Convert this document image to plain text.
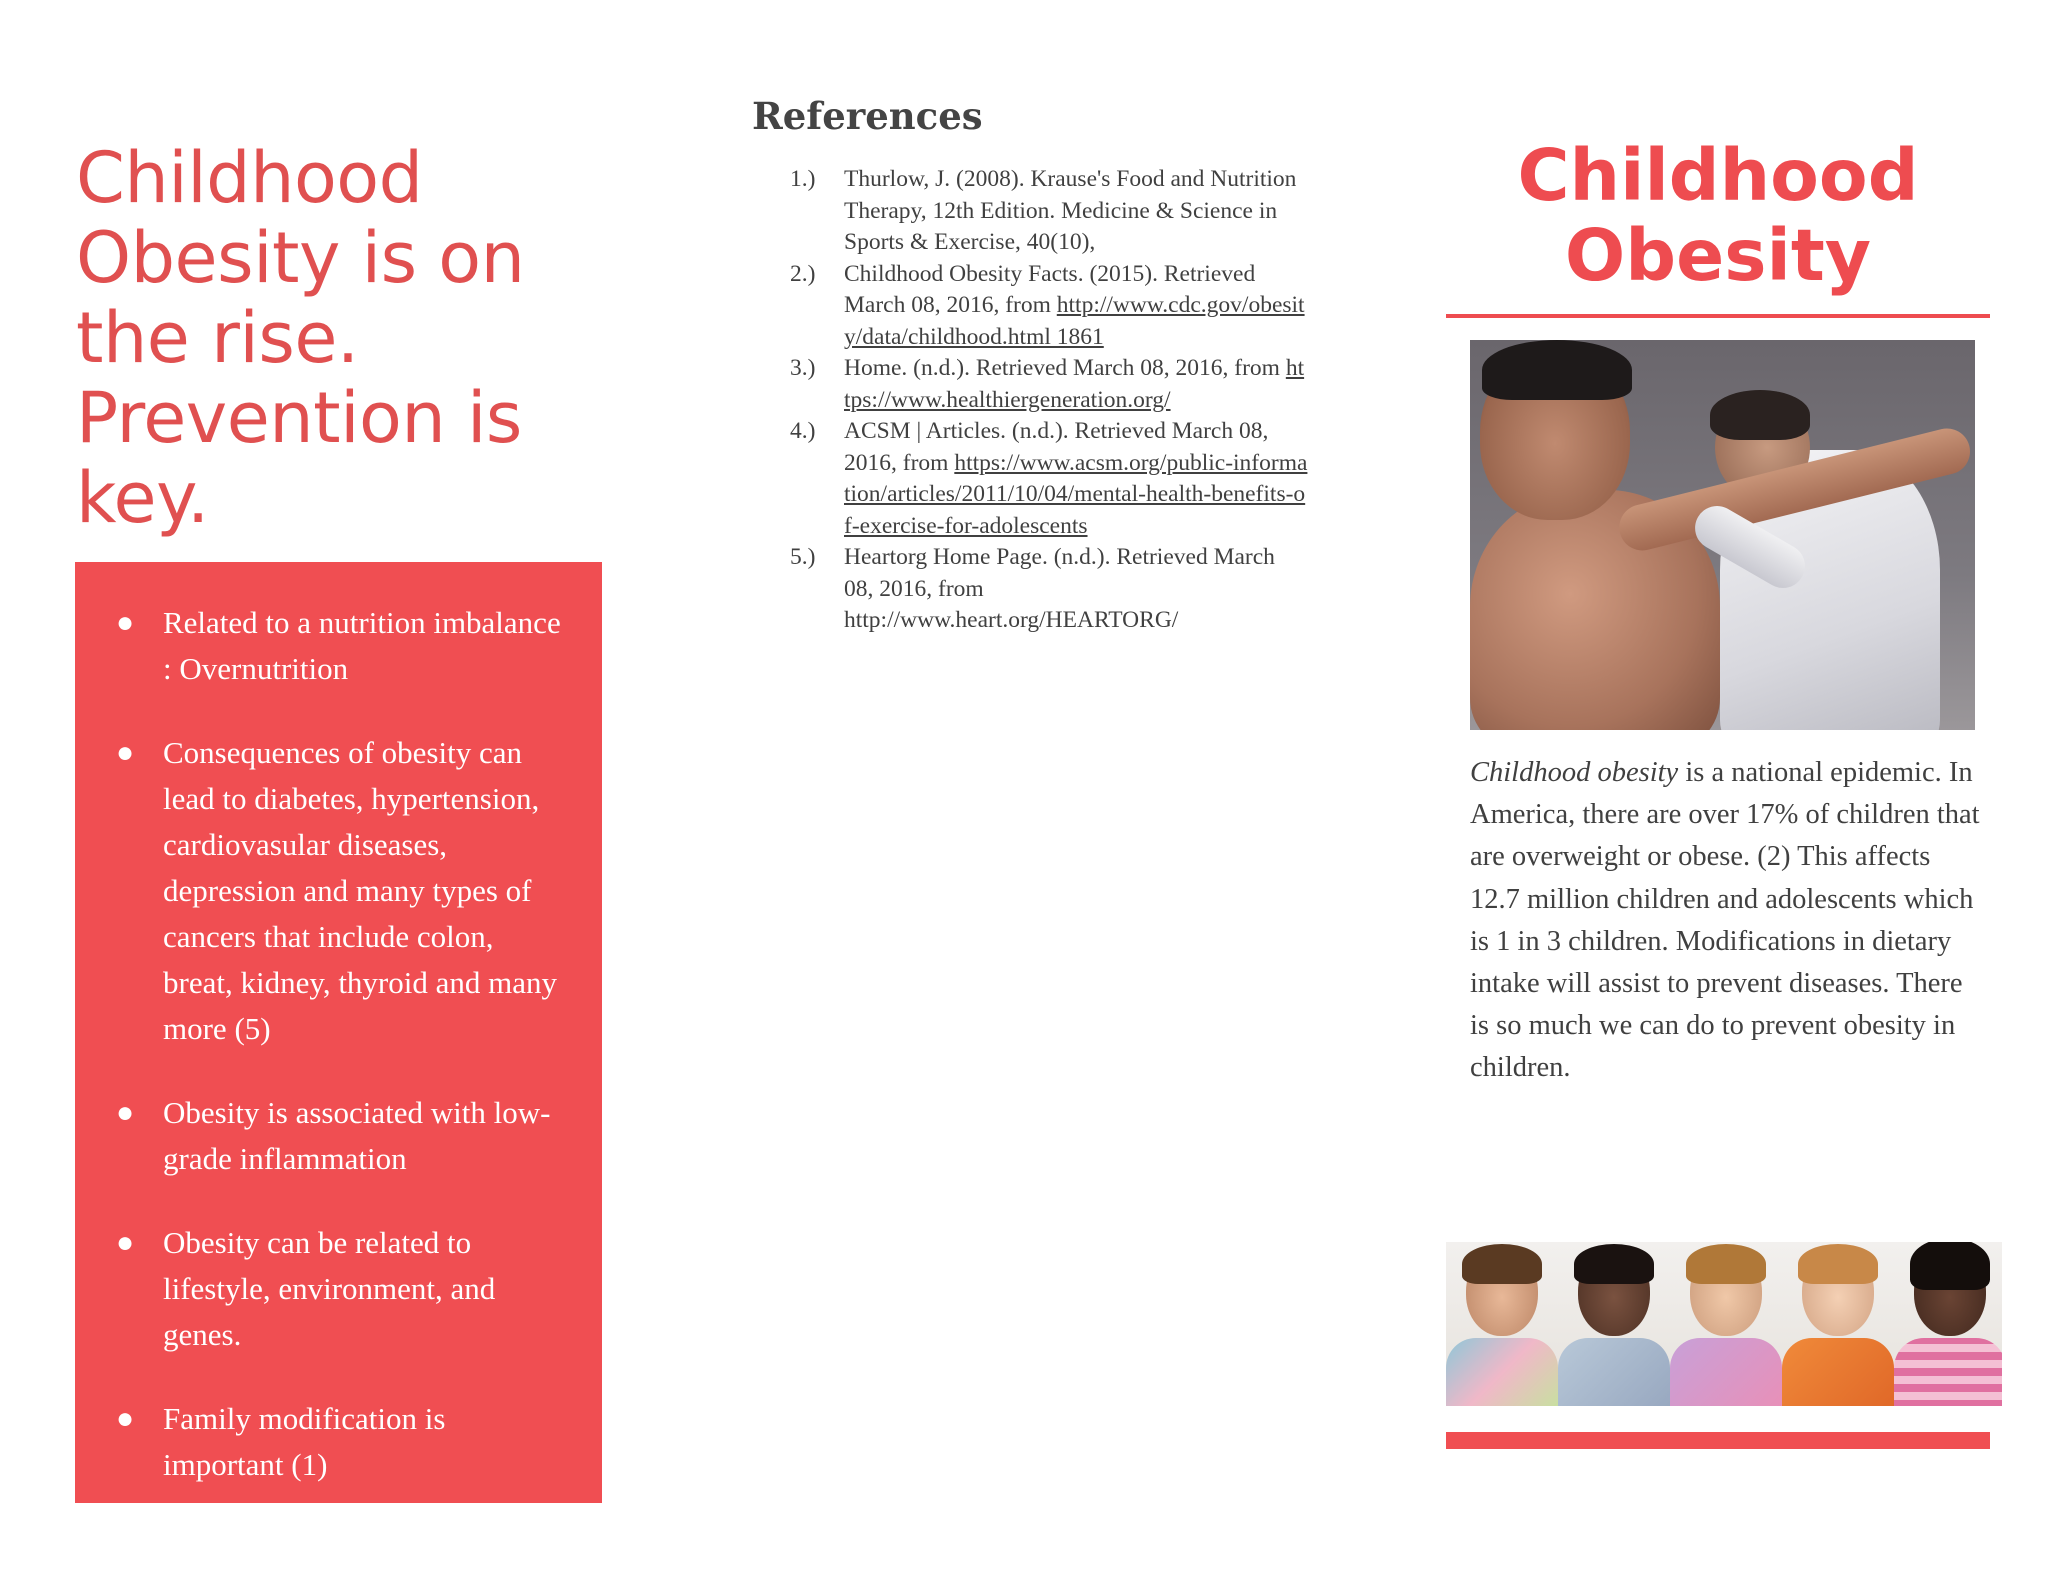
Childhood Obesity is on the rise. Prevention is key.
● Related to a nutrition imbalance : Overnutrition
● Consequences of obesity can lead to diabetes, hypertension, cardiovasular diseases, depression and many types of cancers that include colon, breat, kidney, thyroid and many more (5)
● Obesity is associated with low-grade inflammation
● Obesity can be related to lifestyle, environment, and genes.
● Family modification is important (1)
References
1.) Thurlow, J. (2008). Krause's Food and Nutrition Therapy, 12th Edition. Medicine & Science in Sports & Exercise, 40(10),
2.) Childhood Obesity Facts. (2015). Retrieved March 08, 2016, from http://www.cdc.gov/obesity/data/childhood.html 1861
3.) Home. (n.d.). Retrieved March 08, 2016, from https://www.healthiergeneration.org/
4.) ACSM | Articles. (n.d.). Retrieved March 08, 2016, from https://www.acsm.org/public-information/articles/2011/10/04/mental-health-benefits-of-exercise-for-adolescents
5.) Heartorg Home Page. (n.d.). Retrieved March 08, 2016, from http://www.heart.org/HEARTORG/
Childhood Obesity

Childhood obesity is a national epidemic. In America, there are over 17% of children that are overweight or obese. (2) This affects 12.7 million children and adolescents which is 1 in 3 children. Modifications in dietary intake will assist to prevent diseases. There is so much we can do to prevent obesity in children.
